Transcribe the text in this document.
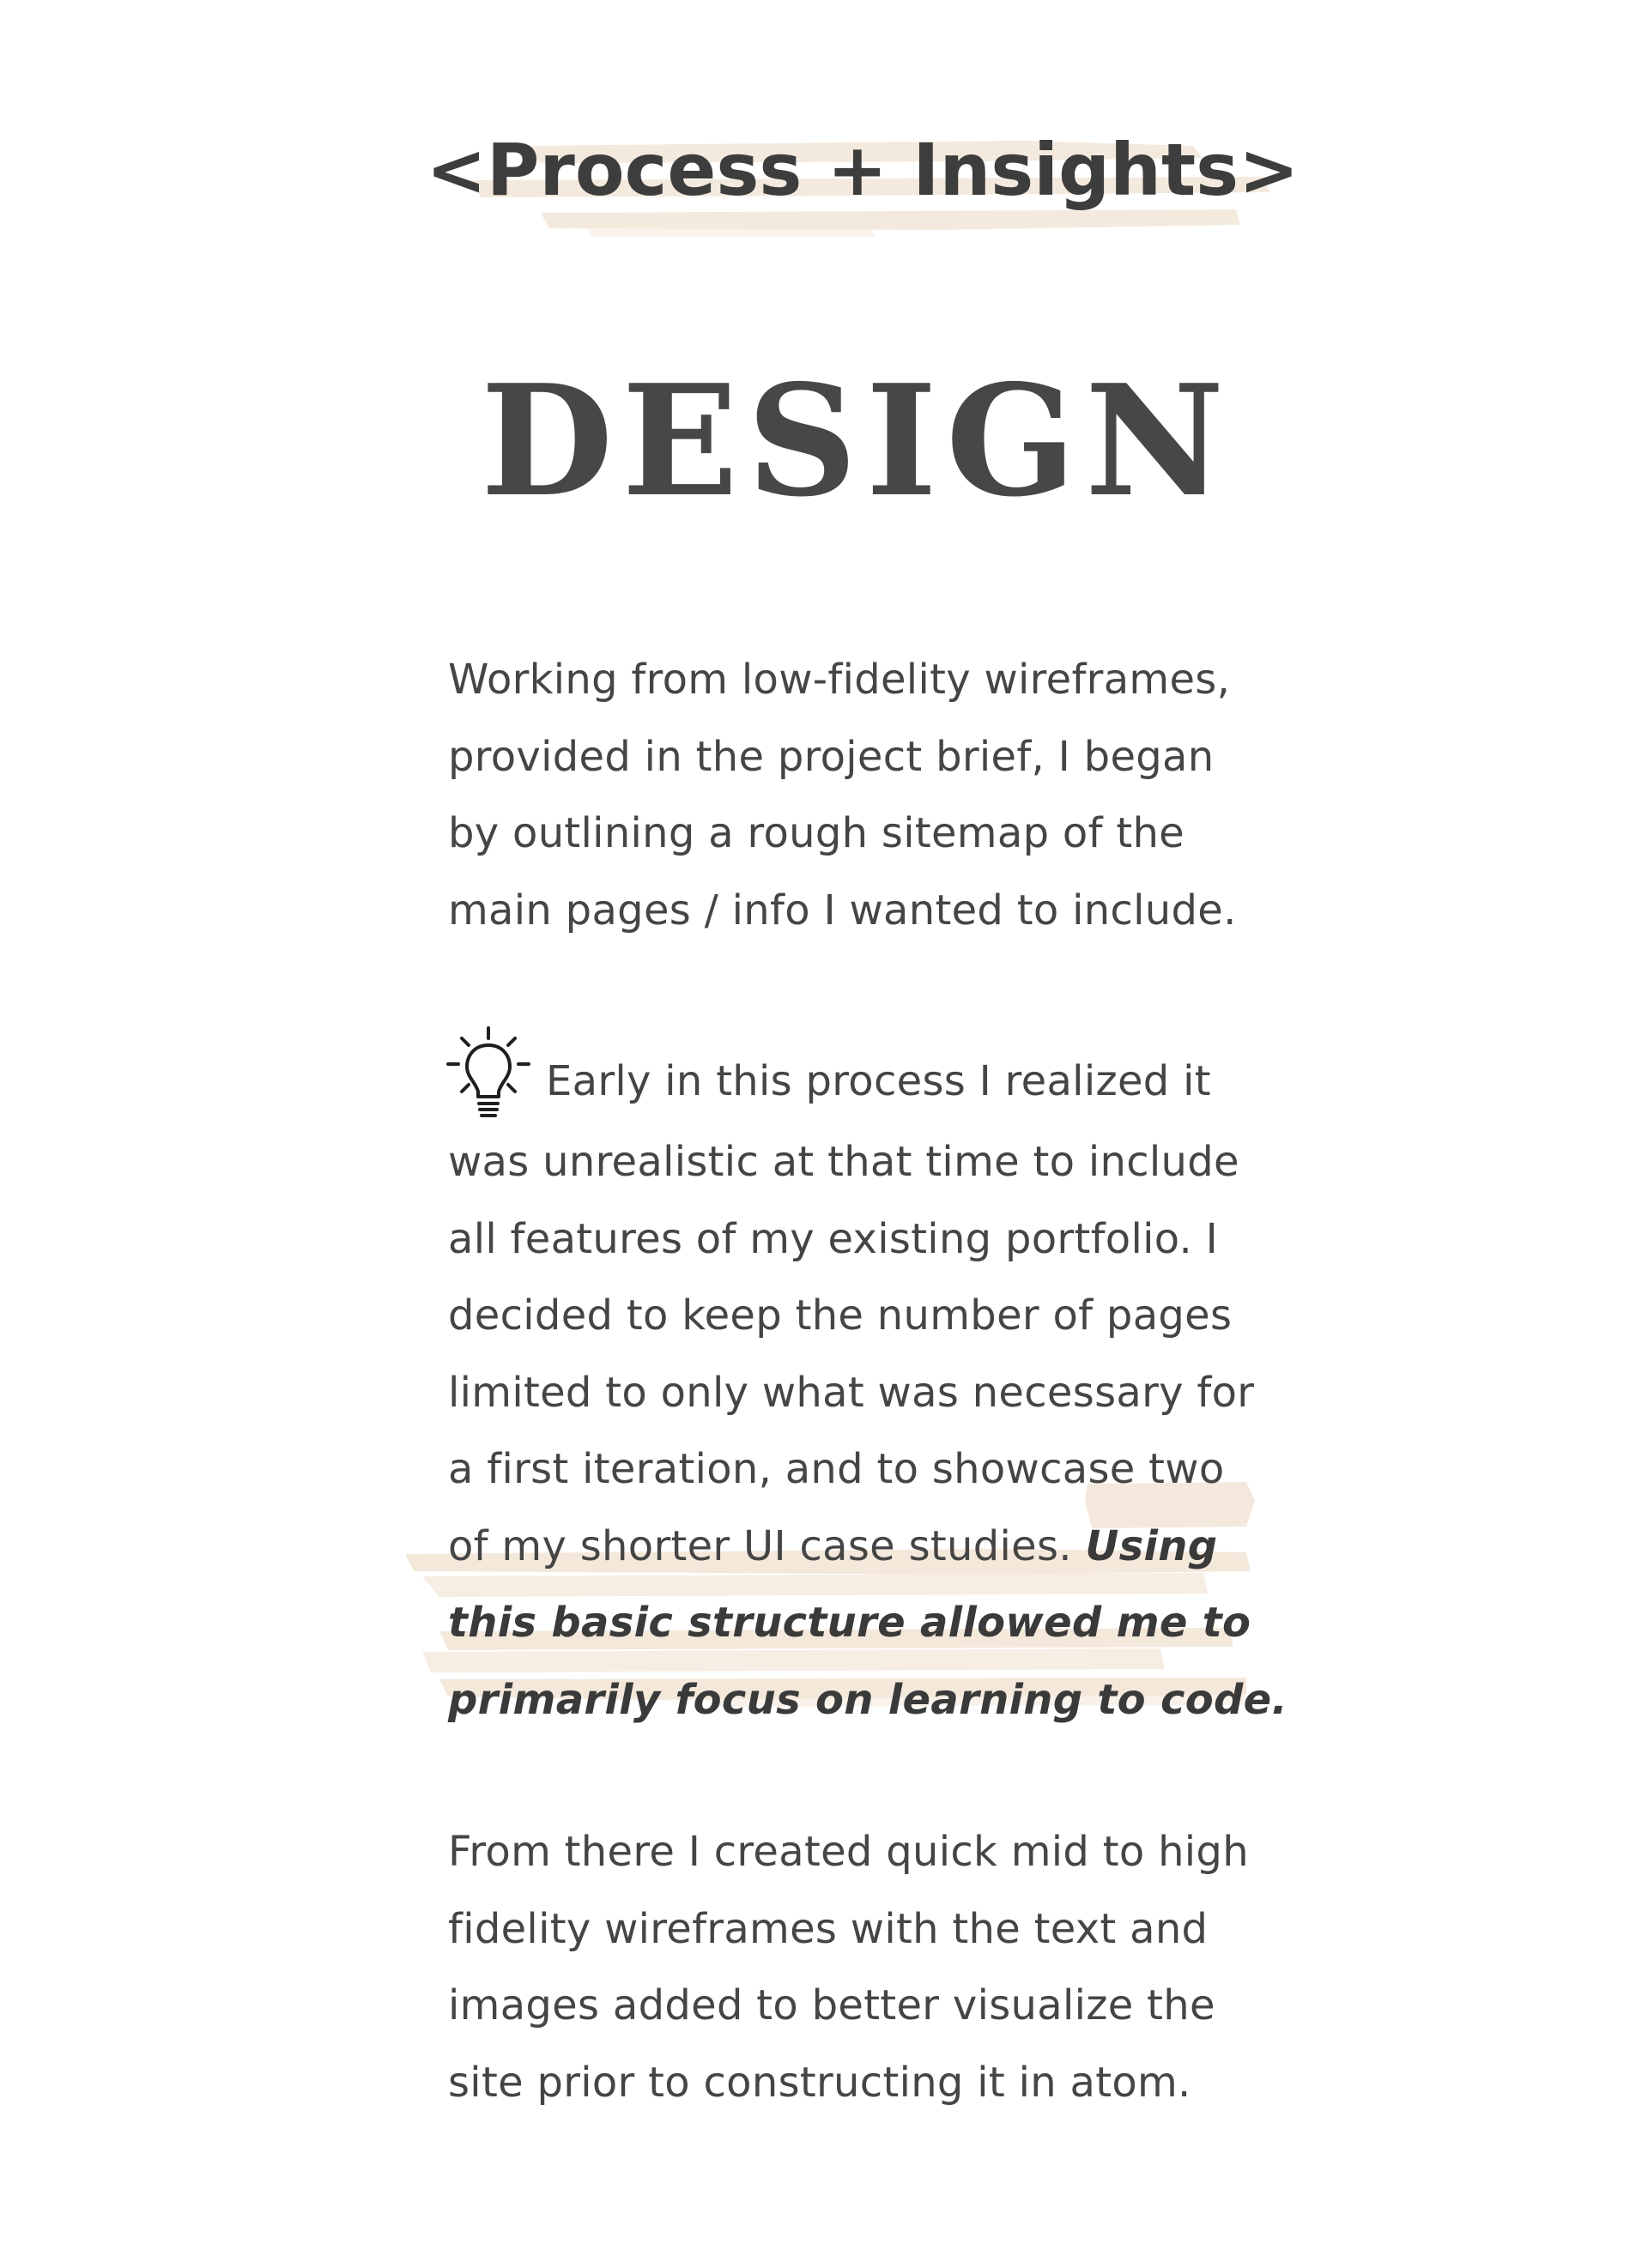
<Process + Insights>
DESIGN

Working from low-fidelity wireframes,
provided in the project brief, I began
by outlining a rough sitemap of the
main pages / info I wanted to include.

Early in this process I realized it
was unrealistic at that time to include
all features of my existing portfolio. I
decided to keep the number of pages
limited to only what was necessary for
a first iteration, and to showcase two
of my shorter UI case studies. Using
this basic structure allowed me to
primarily focus on learning to code.

From there I created quick mid to high
fidelity wireframes with the text and
images added to better visualize the
site prior to constructing it in atom.
